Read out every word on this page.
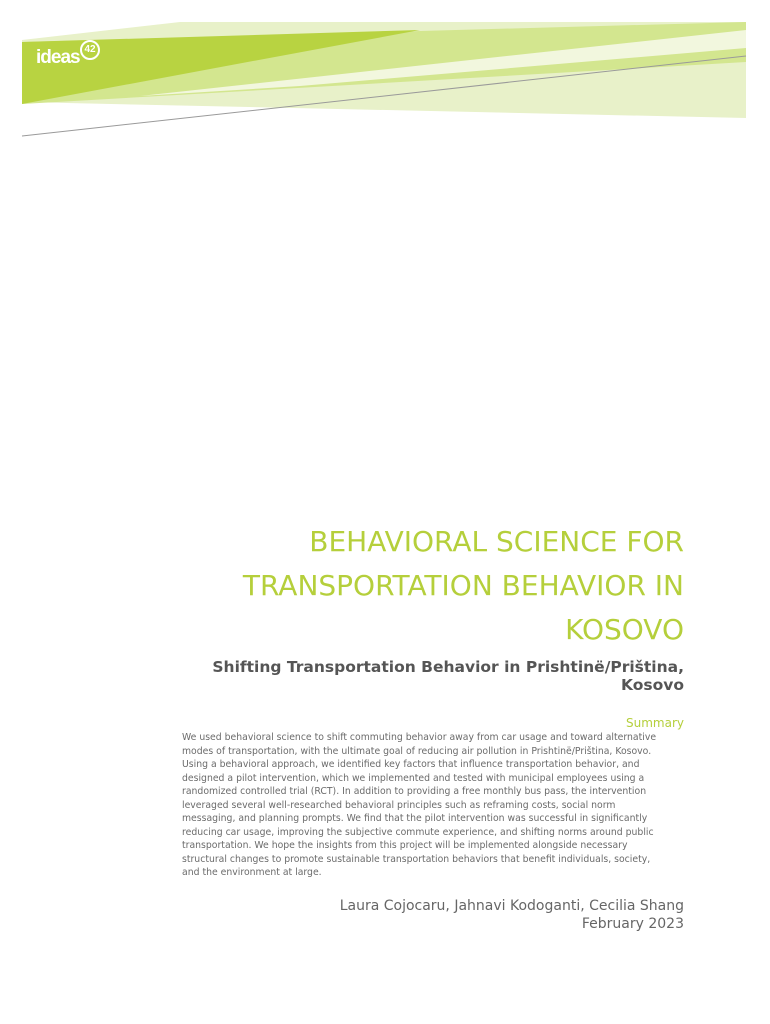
ideas 42
BEHAVIORAL SCIENCE FOR
TRANSPORTATION BEHAVIOR IN
KOSOVO
Shifting Transportation Behavior in Prishtinë/Priština, Kosovo
Summary

We used behavioral science to shift commuting behavior away from car usage and toward alternative
modes of transportation, with the ultimate goal of reducing air pollution in Prishtinë/Priština, Kosovo.
Using a behavioral approach, we identified key factors that influence transportation behavior, and
designed a pilot intervention, which we implemented and tested with municipal employees using a
randomized controlled trial (RCT). In addition to providing a free monthly bus pass, the intervention
leveraged several well-researched behavioral principles such as reframing costs, social norm
messaging, and planning prompts. We find that the pilot intervention was successful in significantly
reducing car usage, improving the subjective commute experience, and shifting norms around public
transportation. We hope the insights from this project will be implemented alongside necessary
structural changes to promote sustainable transportation behaviors that benefit individuals, society,
and the environment at large.

Laura Cojocaru, Jahnavi Kodoganti, Cecilia Shang
February 2023
